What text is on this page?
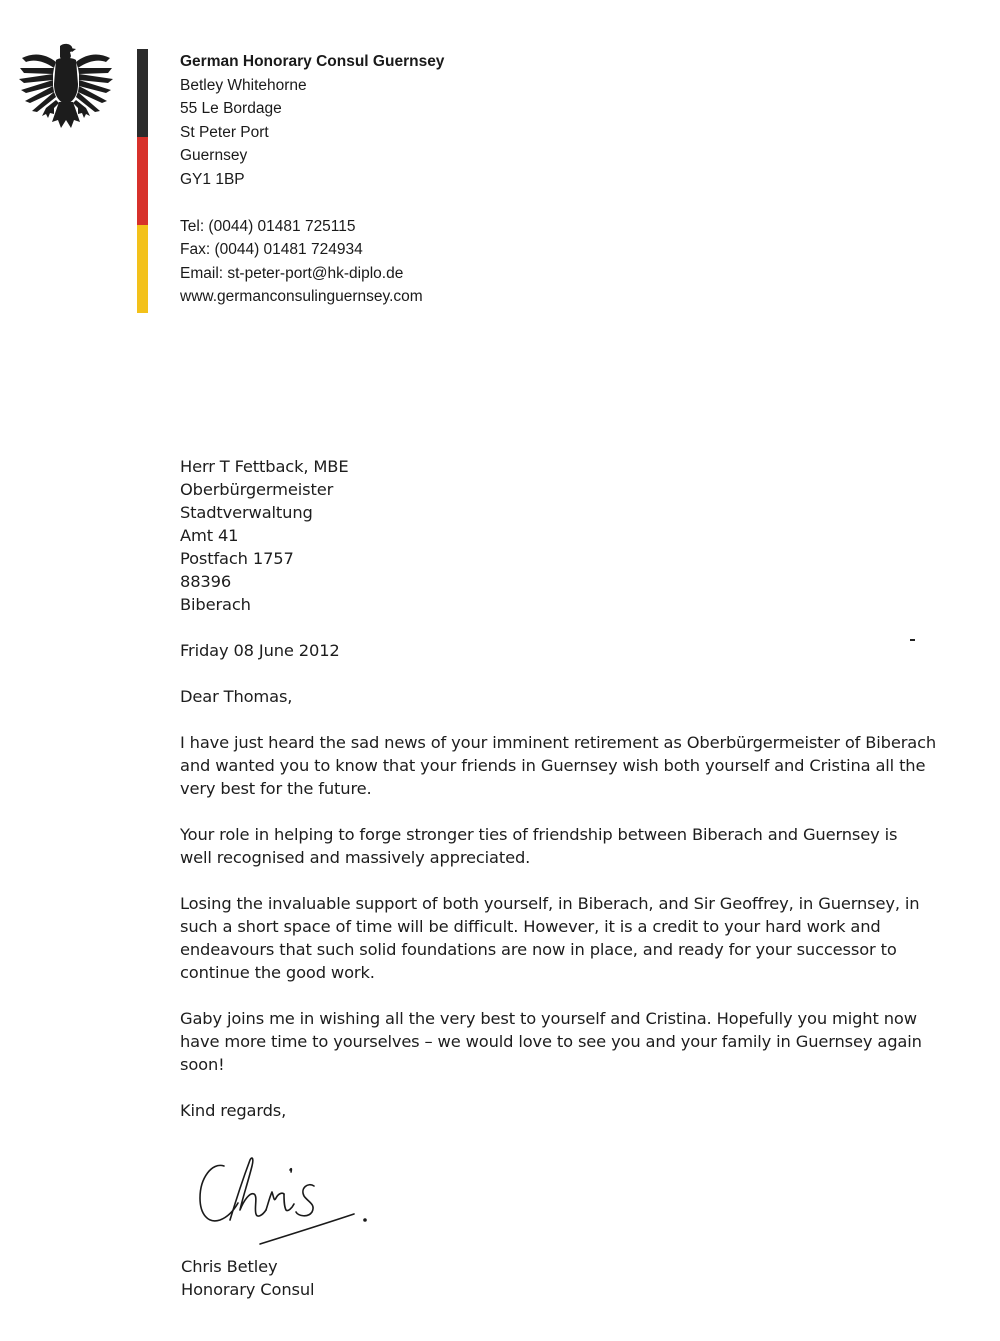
German Honorary Consul Guernsey
Betley Whitehorne
55 Le Bordage
St Peter Port
Guernsey
GY1 1BP
Tel: (0044) 01481 725115
Fax: (0044) 01481 724934
Email: st-peter-port@hk-diplo.de
www.germanconsulinguernsey.com
Herr T Fettback, MBE
Oberbürgermeister
Stadtverwaltung
Amt 41
Postfach 1757
88396
Biberach
Friday 08 June 2012
Dear Thomas,
I have just heard the sad news of your imminent retirement as Oberbürgermeister of Biberach
and wanted you to know that your friends in Guernsey wish both yourself and Cristina all the
very best for the future.
Your role in helping to forge stronger ties of friendship between Biberach and Guernsey is
well recognised and massively appreciated.
Losing the invaluable support of both yourself, in Biberach, and Sir Geoffrey, in Guernsey, in
such a short space of time will be difficult. However, it is a credit to your hard work and
endeavours that such solid foundations are now in place, and ready for your successor to
continue the good work.
Gaby joins me in wishing all the very best to yourself and Cristina. Hopefully you might now
have more time to yourselves – we would love to see you and your family in Guernsey again
soon!
Kind regards,
Chris Betley
Honorary Consul
